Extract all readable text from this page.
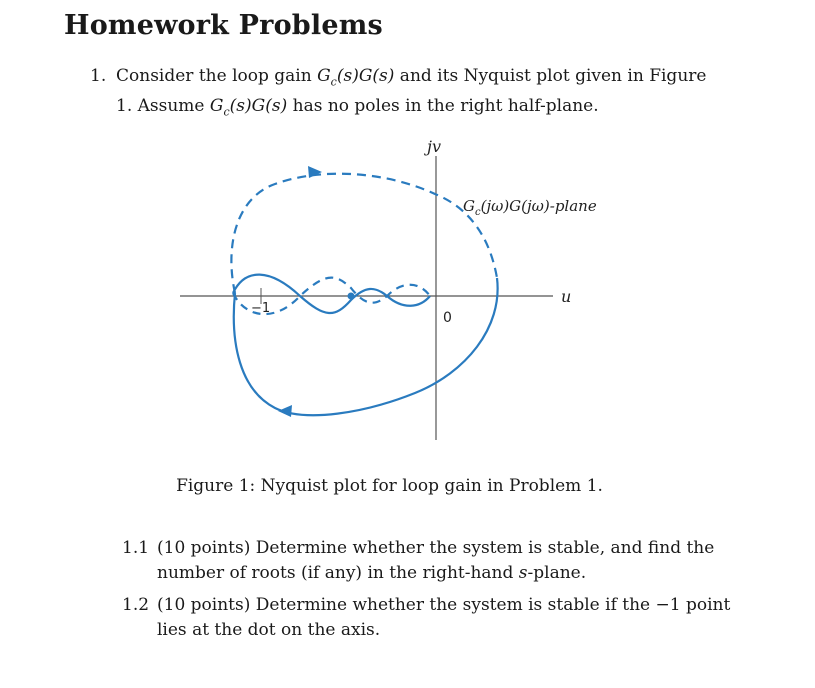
Homework Problems
1. Consider the loop gain $G_c(s)G(s)$ and its Nyquist plot given in Figure
1. Assume $G_c(s)G(s)$ has no poles in the right half-plane.
jv
u
−1
0
$G_c(j\omega)G(j\omega)$-plane
Figure 1: Nyquist plot for loop gain in Problem 1.
1.1 (10 points) Determine whether the system is stable, and find the
number of roots (if any) in the right-hand s-plane.
1.2 (10 points) Determine whether the system is stable if the −1 point
lies at the dot on the axis.
